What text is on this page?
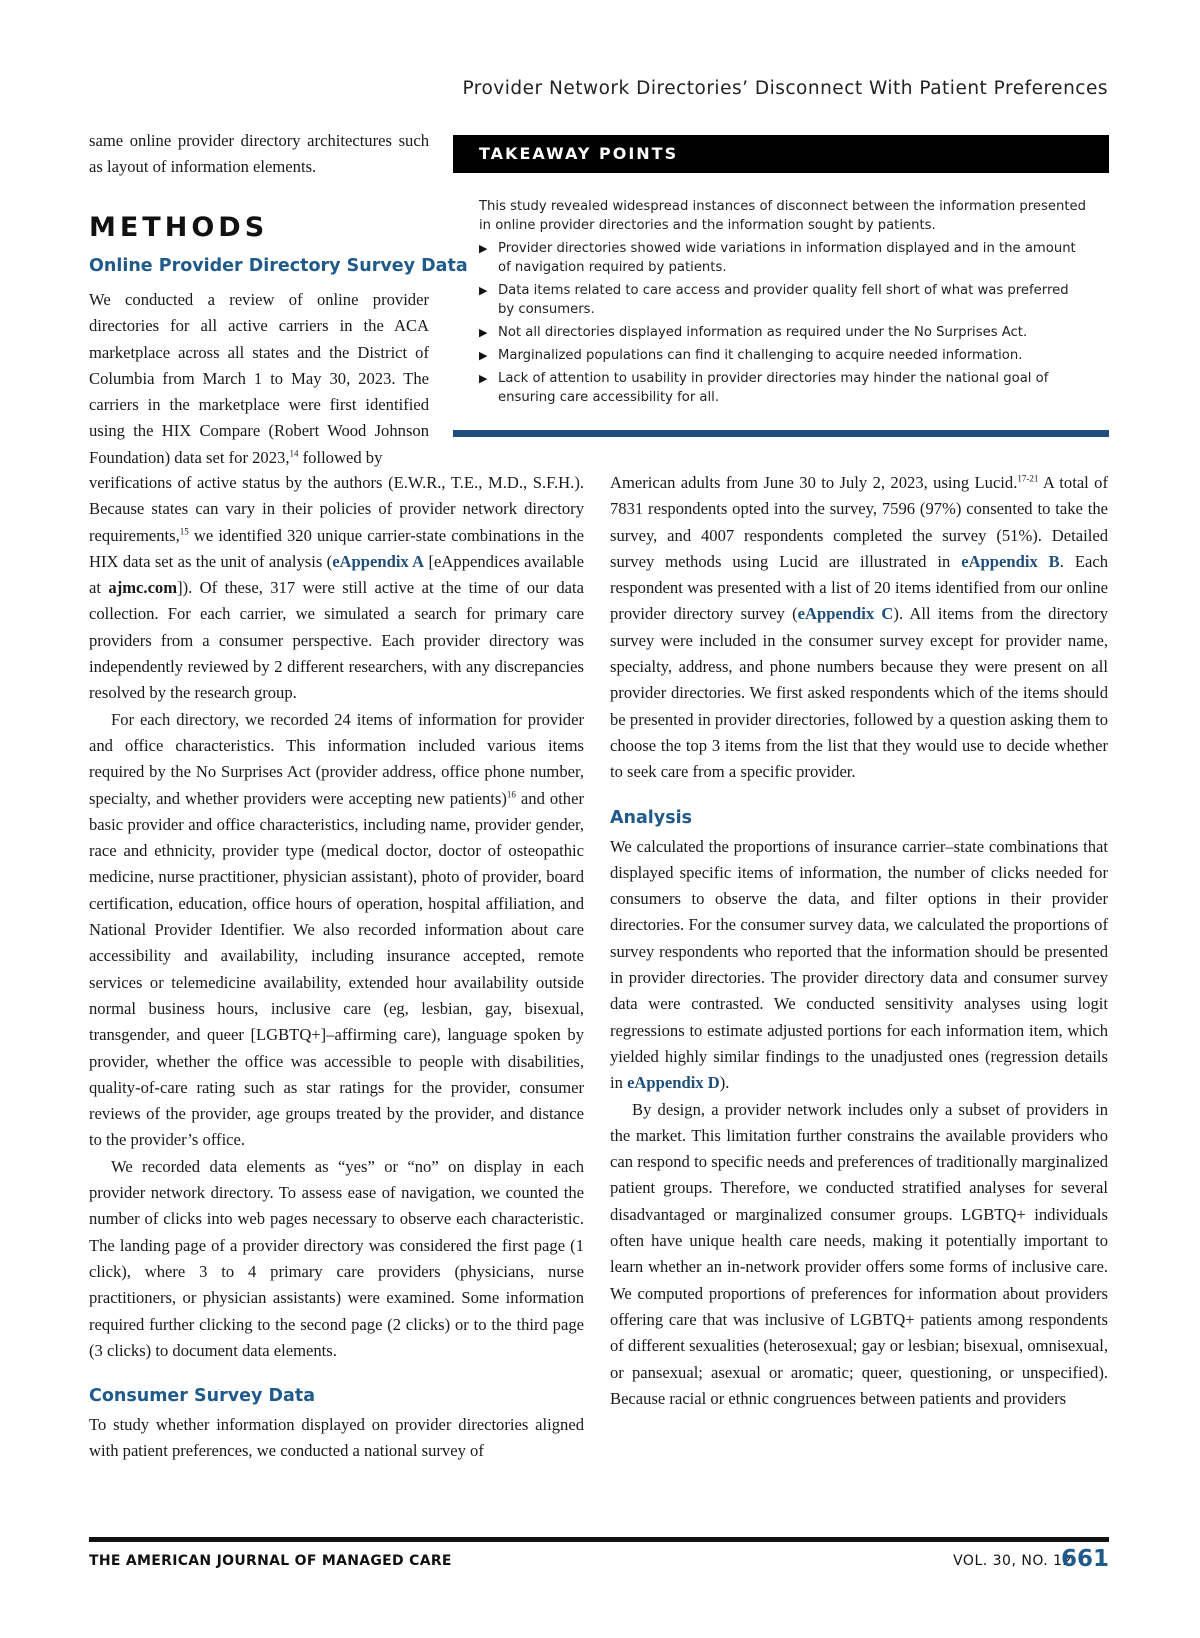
Provider Network Directories’ Disconnect With Patient Preferences

same online provider directory architectures such as layout of information elements.

METHODS
Online Provider Directory Survey Data

We conducted a review of online provider directories for all active carriers in the ACA marketplace across all states and the District of Columbia from March 1 to May 30, 2023. The carriers in the marketplace were first identified using the HIX Compare (Robert Wood Johnson Foundation) data set for 2023,14 followed by

TAKEAWAY POINTS

This study revealed widespread instances of disconnect between the information presented in online provider directories and the information sought by patients.

▶ Provider directories showed wide variations in information displayed and in the amount of navigation required by patients.
▶ Data items related to care access and provider quality fell short of what was preferred by consumers.
▶ Not all directories displayed information as required under the No Surprises Act.
▶ Marginalized populations can find it challenging to acquire needed information.
▶ Lack of attention to usability in provider directories may hinder the national goal of ensuring care accessibility for all.

verifications of active status by the authors (E.W.R., T.E., M.D., S.F.H.). Because states can vary in their policies of provider network directory requirements,$^{15}$ we identified 320 unique carrier-state combinations in the HIX data set as the unit of analysis (eAppendix A [eAppendices available at ajmc.com]). Of these, 317 were still active at the time of our data collection. For each carrier, we simulated a search for primary care providers from a consumer perspective. Each provider directory was independently reviewed by 2 different researchers, with any discrepancies resolved by the research group.

For each directory, we recorded 24 items of information for provider and office characteristics. This information included various items required by the No Surprises Act (provider address, office phone number, specialty, and whether providers were accepting new patients)$^{16}$ and other basic provider and office characteristics, including name, provider gender, race and ethnicity, provider type (medical doctor, doctor of osteopathic medicine, nurse practitioner, physician assistant), photo of provider, board certification, education, office hours of operation, hospital affiliation, and National Provider Identifier. We also recorded information about care accessibility and availability, including insurance accepted, remote services or telemedicine availability, extended hour availability outside normal business hours, inclusive care (eg, lesbian, gay, bisexual, transgender, and queer [LGBTQ+]–affirming care), language spoken by provider, whether the office was accessible to people with disabilities, quality-of-care rating such as star ratings for the provider, consumer reviews of the provider, age groups treated by the provider, and distance to the provider’s office.

We recorded data elements as “yes” or “no” on display in each provider network directory. To assess ease of navigation, we counted the number of clicks into web pages necessary to observe each characteristic. The landing page of a provider directory was considered the first page (1 click), where 3 to 4 primary care providers (physicians, nurse practitioners, or physician assistants) were examined. Some information required further clicking to the second page (2 clicks) or to the third page (3 clicks) to document data elements.

Consumer Survey Data

To study whether information displayed on provider directories aligned with patient preferences, we conducted a national survey of

American adults from June 30 to July 2, 2023, using Lucid.$^{17-21}$ A total of 7831 respondents opted into the survey, 7596 (97%) consented to take the survey, and 4007 respondents completed the survey (51%). Detailed survey methods using Lucid are illustrated in eAppendix B. Each respondent was presented with a list of 20 items identified from our online provider directory survey (eAppendix C). All items from the directory survey were included in the consumer survey except for provider name, specialty, address, and phone numbers because they were present on all provider directories. We first asked respondents which of the items should be presented in provider directories, followed by a question asking them to choose the top 3 items from the list that they would use to decide whether to seek care from a specific provider.

Analysis

We calculated the proportions of insurance carrier–state combinations that displayed specific items of information, the number of clicks needed for consumers to observe the data, and filter options in their provider directories. For the consumer survey data, we calculated the proportions of survey respondents who reported that the information should be presented in provider directories. The provider directory data and consumer survey data were contrasted. We conducted sensitivity analyses using logit regressions to estimate adjusted portions for each information item, which yielded highly similar findings to the unadjusted ones (regression details in eAppendix D).

By design, a provider network includes only a subset of providers in the market. This limitation further constrains the available providers who can respond to specific needs and preferences of traditionally marginalized patient groups. Therefore, we conducted stratified analyses for several disadvantaged or marginalized consumer groups. LGBTQ+ individuals often have unique health care needs, making it potentially important to learn whether an in-network provider offers some forms of inclusive care. We computed proportions of preferences for information about providers offering care that was inclusive of LGBTQ+ patients among respondents of different sexualities (heterosexual; gay or lesbian; bisexual, omnisexual, or pansexual; asexual or aromatic; queer, questioning, or unspecified). Because racial or ethnic congruences between patients and providers

THE AMERICAN JOURNAL OF MANAGED CARE	VOL. 30, NO. 12
661
